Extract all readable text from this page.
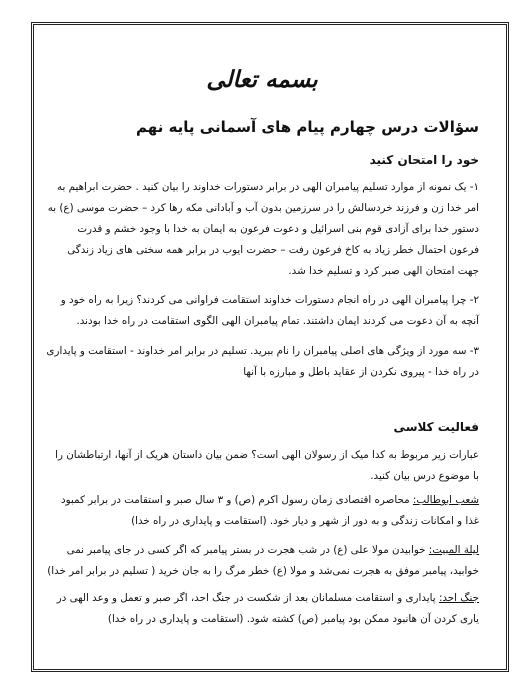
بسمه تعالی
سؤالات درس چهارم پیام های آسمانی پایه نهم

خود را امتحان کنید

۱- یک نمونه از موارد تسلیم پیامبران الهی در برابر دستورات خداوند را بیان کنید . حضرت ابراهیم به امر خدا زن و فرزند خردسالش را در سرزمین بدون آب و آبادانی مکه رها کرد – حضرت موسی (ع) به دستور خدا برای آزادی قوم بنی اسرائیل و دعوت فرعون به ایمان به خدا با وجود خشم و قدرت فرعون احتمال خطر زیاد به کاخ فرعون رفت – حضرت ایوب در برابر همه سختی های زیاد زندگی جهت امتحان الهی صبر کرد و تسلیم خدا شد.

۲- چرا پیامبران الهی در راه انجام دستورات خداوند استقامت فراوانی می کردند؟ زیرا به راه خود و آنچه به آن دعوت می کردند ایمان داشتند. تمام پیامبران الهی الگوی استقامت در راه خدا بودند.

۳- سه مورد از ویژگی های اصلی پیامبران را نام ببرید. تسلیم در برابر امر خداوند - استقامت و پایداری در راه خدا - پیروی نکردن از عقاید باطل و مبارزه با آنها

فعالیت کلاسی

عبارات زیر مربوط به کدا میک از رسولان الهی است؟ ضمن بیان داستان هریک از آنها، ارتباطشان را با موضوع درس بیان کنید.

شعب ابوطالب: محاصره اقتصادی زمان رسول اکرم (ص) و ۳ سال صبر و استقامت در برابر کمبود غذا و امکانات زندگی و به دور از شهر و دیار خود. (استقامت و پایداری در راه خدا)

لیلة المبیت: خوابیدن مولا علی (ع) در شب هجرت در بستر پیامبر که اگر کسی در جای پیامبر نمی خوابید، پیامبر موفق به هجرت نمی‌شد و مولا (ع) خطر مرگ را به جان خرید ( تسلیم در برابر امر خدا)

جنگ احد: پایداری و استقامت مسلمانان بعد از شکست در جنگ احد، اگر صبر و تعمل و وعد الهی در یاری کردن آن هانبود ممکن بود پیامبر (ص) کشته شود. (استقامت و پایداری در راه خدا)
